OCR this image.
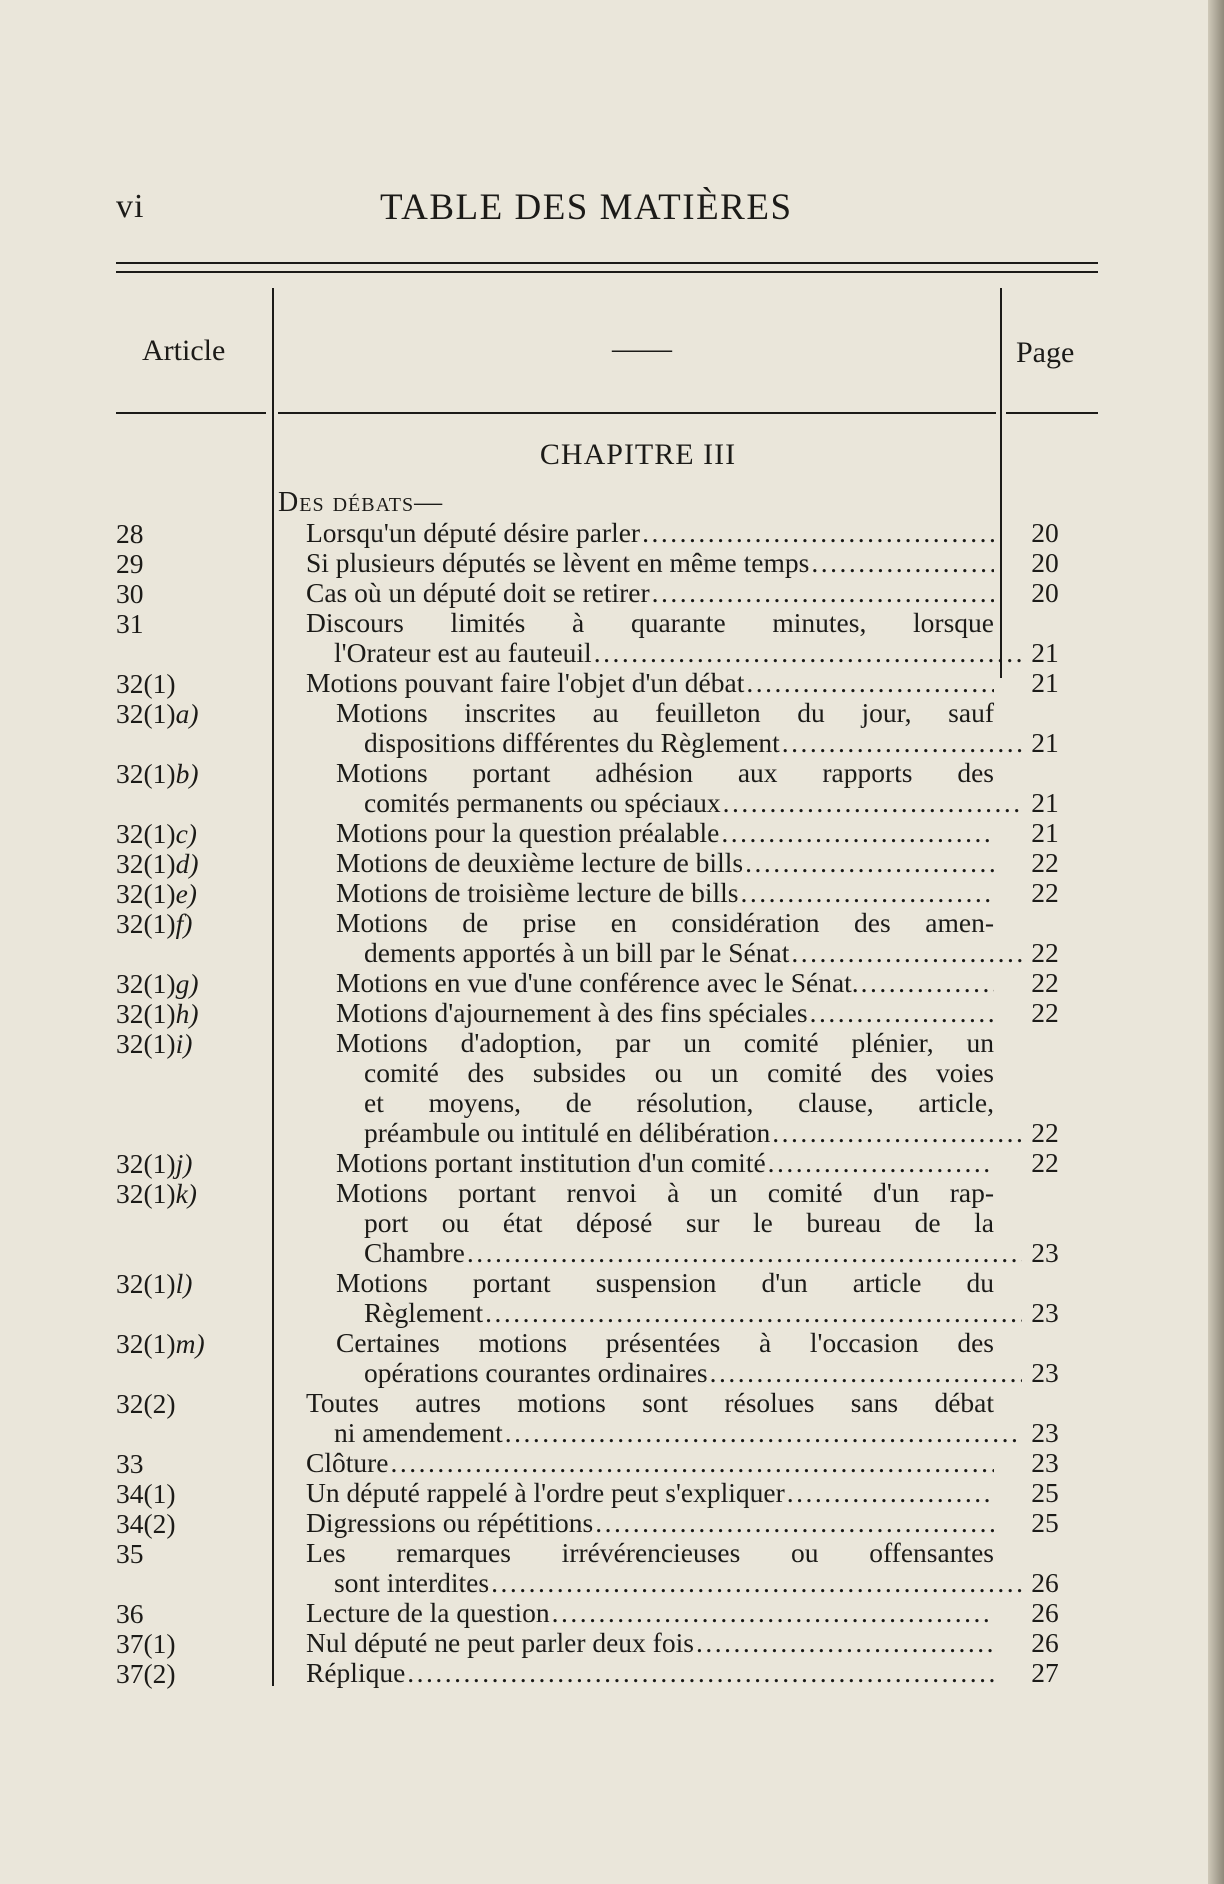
vi	TABLE DES MATIÈRES
Article	——	Page
CHAPITRE III
DES DÉBATS—
28	Lorsqu'un député désire parler .....	20
29	Si plusieurs députés se lèvent en même temps .....	20
30	Cas où un député doit se retirer .....	20
31	Discours limités à quarante minutes, lorsque
l'Orateur est au fauteuil .....	21
32(1)	Motions pouvant faire l'objet d'un débat .....	21
32(1)a)	Motions inscrites au feuilleton du jour, sauf
dispositions différentes du Règlement .....	21
32(1)b)	Motions portant adhésion aux rapports des
comités permanents ou spéciaux .....	21
32(1)c)	Motions pour la question préalable .....	21
32(1)d)	Motions de deuxième lecture de bills .....	22
32(1)e)	Motions de troisième lecture de bills .....	22
32(1)f)	Motions de prise en considération des amen-
dements apportés à un bill par le Sénat .....	22
32(1)g)	Motions en vue d'une conférence avec le Sénat. .....	22
32(1)h)	Motions d'ajournement à des fins spéciales .....	22
32(1)i)	Motions d'adoption, par un comité plénier, un
comité des subsides ou un comité des voies
et moyens, de résolution, clause, article,
préambule ou intitulé en délibération .....	22
32(1)j)	Motions portant institution d'un comité .....	22
32(1)k)	Motions portant renvoi à un comité d'un rap-
port ou état déposé sur le bureau de la
Chambre .....	23
32(1)l)	Motions portant suspension d'un article du
Règlement .....	23
32(1)m)	Certaines motions présentées à l'occasion des
opérations courantes ordinaires .....	23
32(2)	Toutes autres motions sont résolues sans débat
ni amendement .....	23
33	Clôture .....	23
34(1)	Un député rappelé à l'ordre peut s'expliquer .....	25
34(2)	Digressions ou répétitions .....	25
35	Les remarques irrévérencieuses ou offensantes
sont interdites .....	26
36	Lecture de la question .....	26
37(1)	Nul député ne peut parler deux fois .....	26
37(2)	Réplique .....	27
